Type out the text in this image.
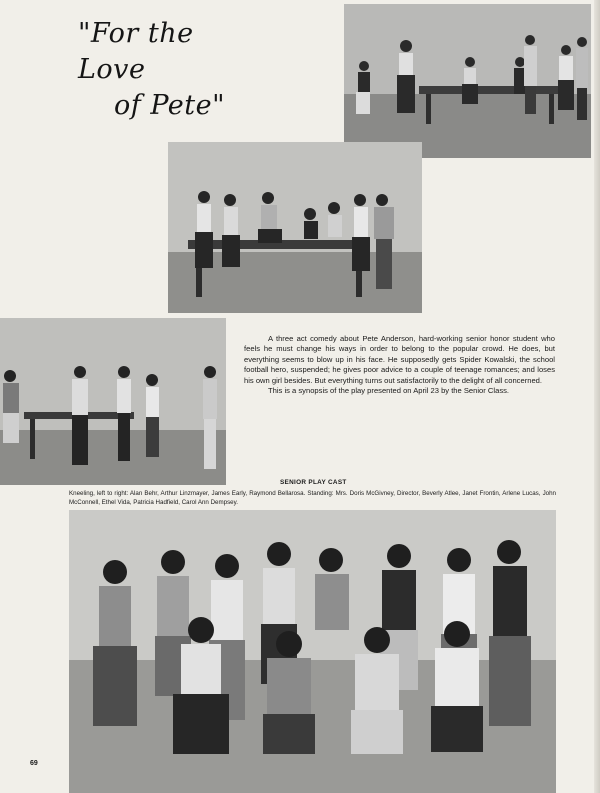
"For the Love
of Pete"

A three act comedy about Pete Anderson, hard-working senior honor student who feels he must change his ways in order to belong to the popular crowd. He does, but everything seems to blow up in his face. He supposedly gets Spider Kowalski, the school football hero, suspended; he gives poor advice to a couple of teenage romances; and loses his own girl besides. But everything turns out satisfactorily to the delight of all concerned.

This is a synopsis of the play presented on April 23 by the Senior Class.

SENIOR PLAY CAST

Kneeling, left to right: Alan Behr, Arthur Linzmayer, James Early, Raymond Bellarosa. Standing: Mrs. Doris McGivney, Director, Beverly Atlee, Janet Frontin, Arlene Lucas, John McConnell, Ethel Vida, Patricia Hadfield, Carol Ann Dempsey.

69
